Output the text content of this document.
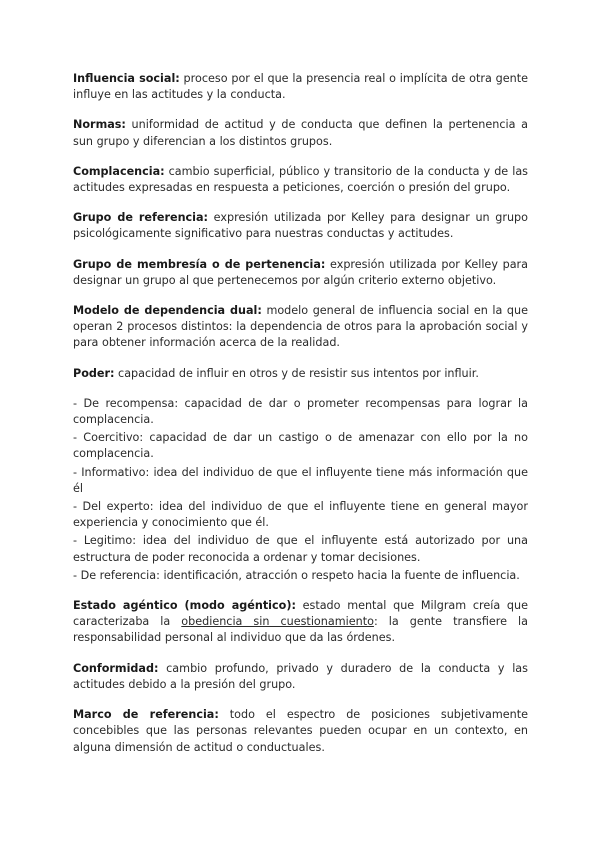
Influencia social: proceso por el que la presencia real o implícita de otra gente influye en las actitudes y la conducta.

Normas: uniformidad de actitud y de conducta que definen la pertenencia a sun grupo y diferencian a los distintos grupos.

Complacencia: cambio superficial, público y transitorio de la conducta y de las actitudes expresadas en respuesta a peticiones, coerción o presión del grupo.

Grupo de referencia: expresión utilizada por Kelley para designar un grupo psicológicamente significativo para nuestras conductas y actitudes.

Grupo de membresía o de pertenencia: expresión utilizada por Kelley para designar un grupo al que pertenecemos por algún criterio externo objetivo.

Modelo de dependencia dual: modelo general de influencia social en la que operan 2 procesos distintos: la dependencia de otros para la aprobación social y para obtener información acerca de la realidad.

Poder: capacidad de influir en otros y de resistir sus intentos por influir.

- De recompensa: capacidad de dar o prometer recompensas para lograr la complacencia.

- Coercitivo: capacidad de dar un castigo o de amenazar con ello por la no complacencia.

- Informativo: idea del individuo de que el influyente tiene más información que él

- Del experto: idea del individuo de que el influyente tiene en general mayor experiencia y conocimiento que él.

- Legitimo: idea del individuo de que el influyente está autorizado por una estructura de poder reconocida a ordenar y tomar decisiones.

- De referencia: identificación, atracción o respeto hacia la fuente de influencia.

Estado agéntico (modo agéntico): estado mental que Milgram creía que caracterizaba la obediencia sin cuestionamiento: la gente transfiere la responsabilidad personal al individuo que da las órdenes.

Conformidad: cambio profundo, privado y duradero de la conducta y las actitudes debido a la presión del grupo.

Marco de referencia: todo el espectro de posiciones subjetivamente concebibles que las personas relevantes pueden ocupar en un contexto, en alguna dimensión de actitud o conductuales.
